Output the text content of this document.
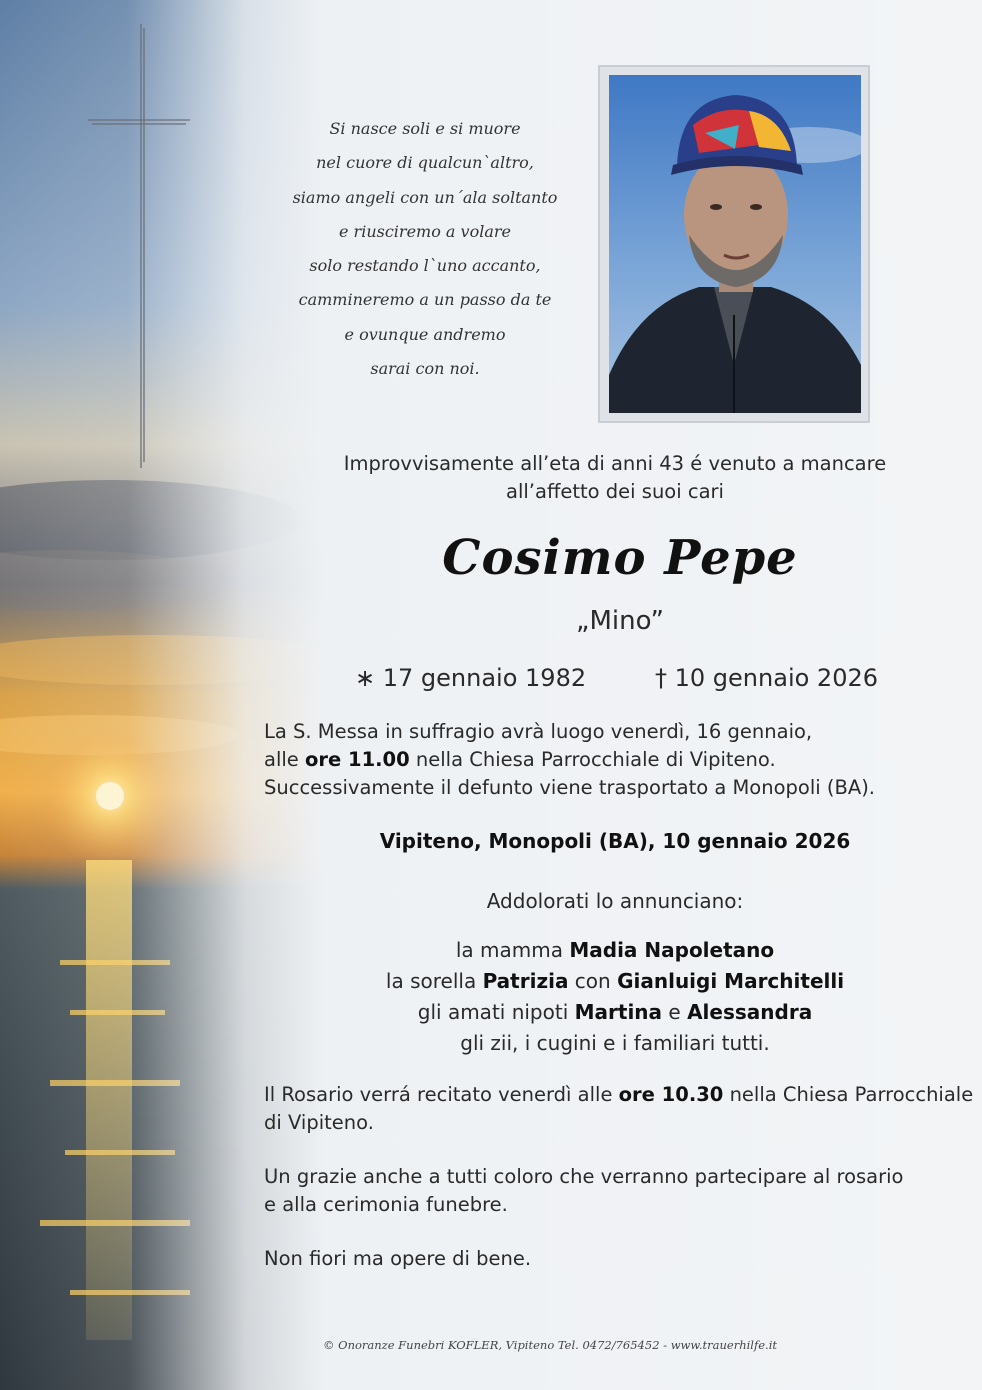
Si nasce soli e si muore
nel cuore di qualcun`altro,
siamo angeli con un´ala soltanto
e riusciremo a volare
solo restando l`uno accanto,
cammineremo a un passo da te
e ovunque andremo
sarai con noi.
Improvvisamente all’eta di anni 43 é venuto a mancare
all’affetto dei suoi cari
Cosimo Pepe
„Mino”
∗ 17 gennaio 1982	† 10 gennaio 2026
La S. Messa in suffragio avrà luogo venerdì, 16 gennaio,
alle ore 11.00 nella Chiesa Parrocchiale di Vipiteno.
Successivamente il defunto viene trasportato a Monopoli (BA).
Vipiteno, Monopoli (BA), 10 gennaio 2026
Addolorati lo annunciano:
la mamma Madia Napoletano
la sorella Patrizia con Gianluigi Marchitelli
gli amati nipoti Martina e Alessandra
gli zii, i cugini e i familiari tutti.
Il Rosario verrá recitato venerdì alle ore 10.30 nella Chiesa Parrocchiale
di Vipiteno.
Un grazie anche a tutti coloro che verranno partecipare al rosario
e alla cerimonia funebre.
Non fiori ma opere di bene.
© Onoranze Funebri KOFLER, Vipiteno Tel. 0472/765452 - www.trauerhilfe.it
